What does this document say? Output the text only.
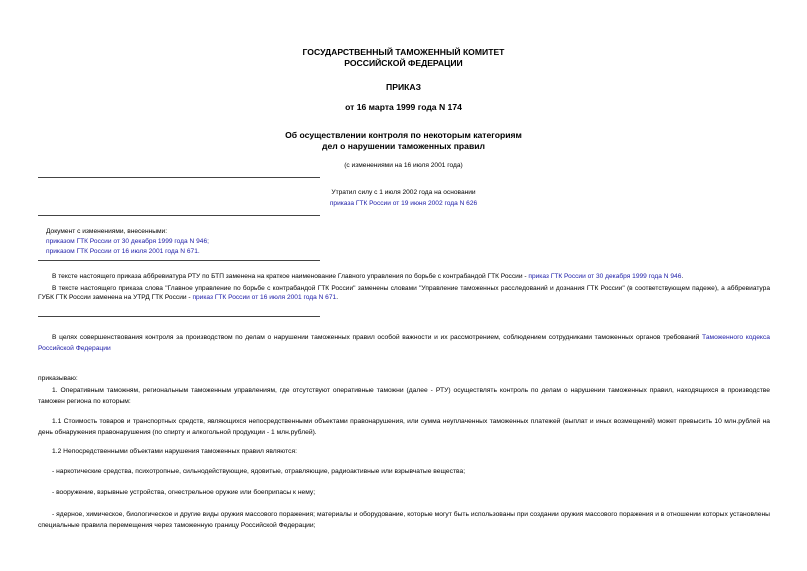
ГОСУДАРСТВЕННЫЙ ТАМОЖЕННЫЙ КОМИТЕТ
РОССИЙСКОЙ ФЕДЕРАЦИИ
ПРИКАЗ
от 16 марта 1999 года N 174
Об осуществлении контроля по некоторым категориям
дел о нарушении таможенных правил
(с изменениями на 16 июля 2001 года)
Утратил силу с 1 июля 2002 года на основании
приказа ГТК России от 19 июня 2002 года N 626
Документ с изменениями, внесенными:
приказом ГТК России от 30 декабря 1999 года N 946;
приказом ГТК России от 16 июля 2001 года N 671.
В тексте настоящего приказа аббревиатура РТУ по БТП заменена на краткое наименование Главного управления по борьбе с контрабандой ГТК России - приказ ГТК России от 30 декабря 1999 года N 946.
В тексте настоящего приказа слова "Главное управление по борьбе с контрабандой ГТК России" заменены словами "Управление таможенных расследований и дознания ГТК России" (в соответствующем падеже), а аббревиатура ГУБК ГТК России заменена на УТРД ГТК России - приказ ГТК России от 16 июля 2001 года N 671.
В целях совершенствования контроля за производством по делам о нарушении таможенных правил особой важности и их рассмотрением, соблюдением сотрудниками таможенных органов требований Таможенного кодекса Российской Федерации
приказываю:
1. Оперативным таможням, региональным таможенным управлениям, где отсутствуют оперативные таможни (далее - РТУ) осуществлять контроль по делам о нарушении таможенных правил, находящихся в производстве таможен региона по которым:
1.1 Стоимость товаров и транспортных средств, являющихся непосредственными объектами правонарушения, или сумма неуплаченных таможенных платежей (выплат и иных возмещений) может превысить 10 млн.рублей на день обнаружения правонарушения (по спирту и алкогольной продукции - 1 млн.рублей).
1.2 Непосредственными объектами нарушения таможенных правил являются:
- наркотические средства, психотропные, сильнодействующие, ядовитые, отравляющие, радиоактивные или взрывчатые вещества;
- вооружение, взрывные устройства, огнестрельное оружие или боеприпасы к нему;
- ядерное, химическое, биологическое и другие виды оружия массового поражения; материалы и оборудование, которые могут быть использованы при создании оружия массового поражения и в отношении которых установлены специальные правила перемещения через таможенную границу Российской Федерации;
